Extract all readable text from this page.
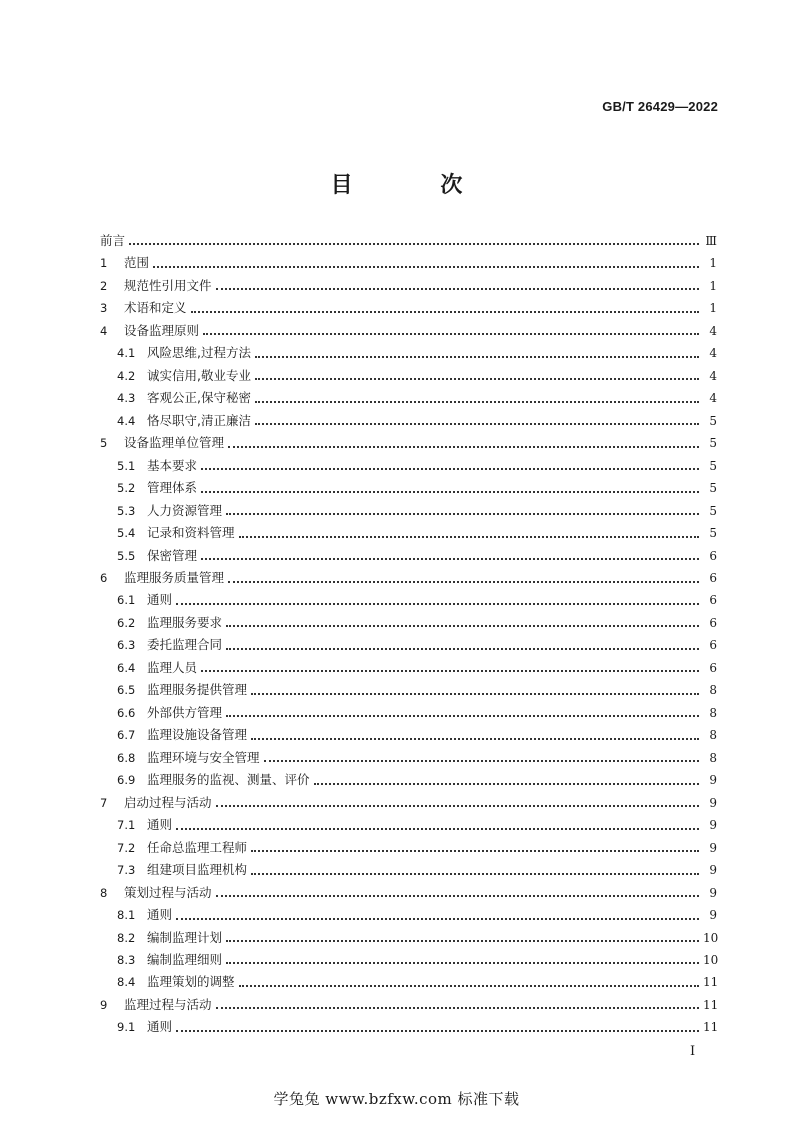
GB/T 26429—2022
目 次
前言	Ⅲ
1	范围	1
2	规范性引用文件	1
3	术语和定义	1
4	设备监理原则	4
4.1 风险思维,过程方法	4
4.2 诚实信用,敬业专业	4
4.3 客观公正,保守秘密	4
4.4 恪尽职守,清正廉洁	5
5	设备监理单位管理	5
5.1 基本要求	5
5.2 管理体系	5
5.3 人力资源管理	5
5.4 记录和资料管理	5
5.5 保密管理	6
6	监理服务质量管理	6
6.1 通则	6
6.2 监理服务要求	6
6.3 委托监理合同	6
6.4 监理人员	6
6.5 监理服务提供管理	8
6.6 外部供方管理	8
6.7 监理设施设备管理	8
6.8 监理环境与安全管理	8
6.9 监理服务的监视、测量、评价	9
7	启动过程与活动	9
7.1 通则	9
7.2 任命总监理工程师	9
7.3 组建项目监理机构	9
8	策划过程与活动	9
8.1 通则	9
8.2 编制监理计划	10
8.3 编制监理细则	10
8.4 监理策划的调整	11
9	监理过程与活动	11
9.1 通则	11
I
学兔兔 www.bzfxw.com 标准下载
